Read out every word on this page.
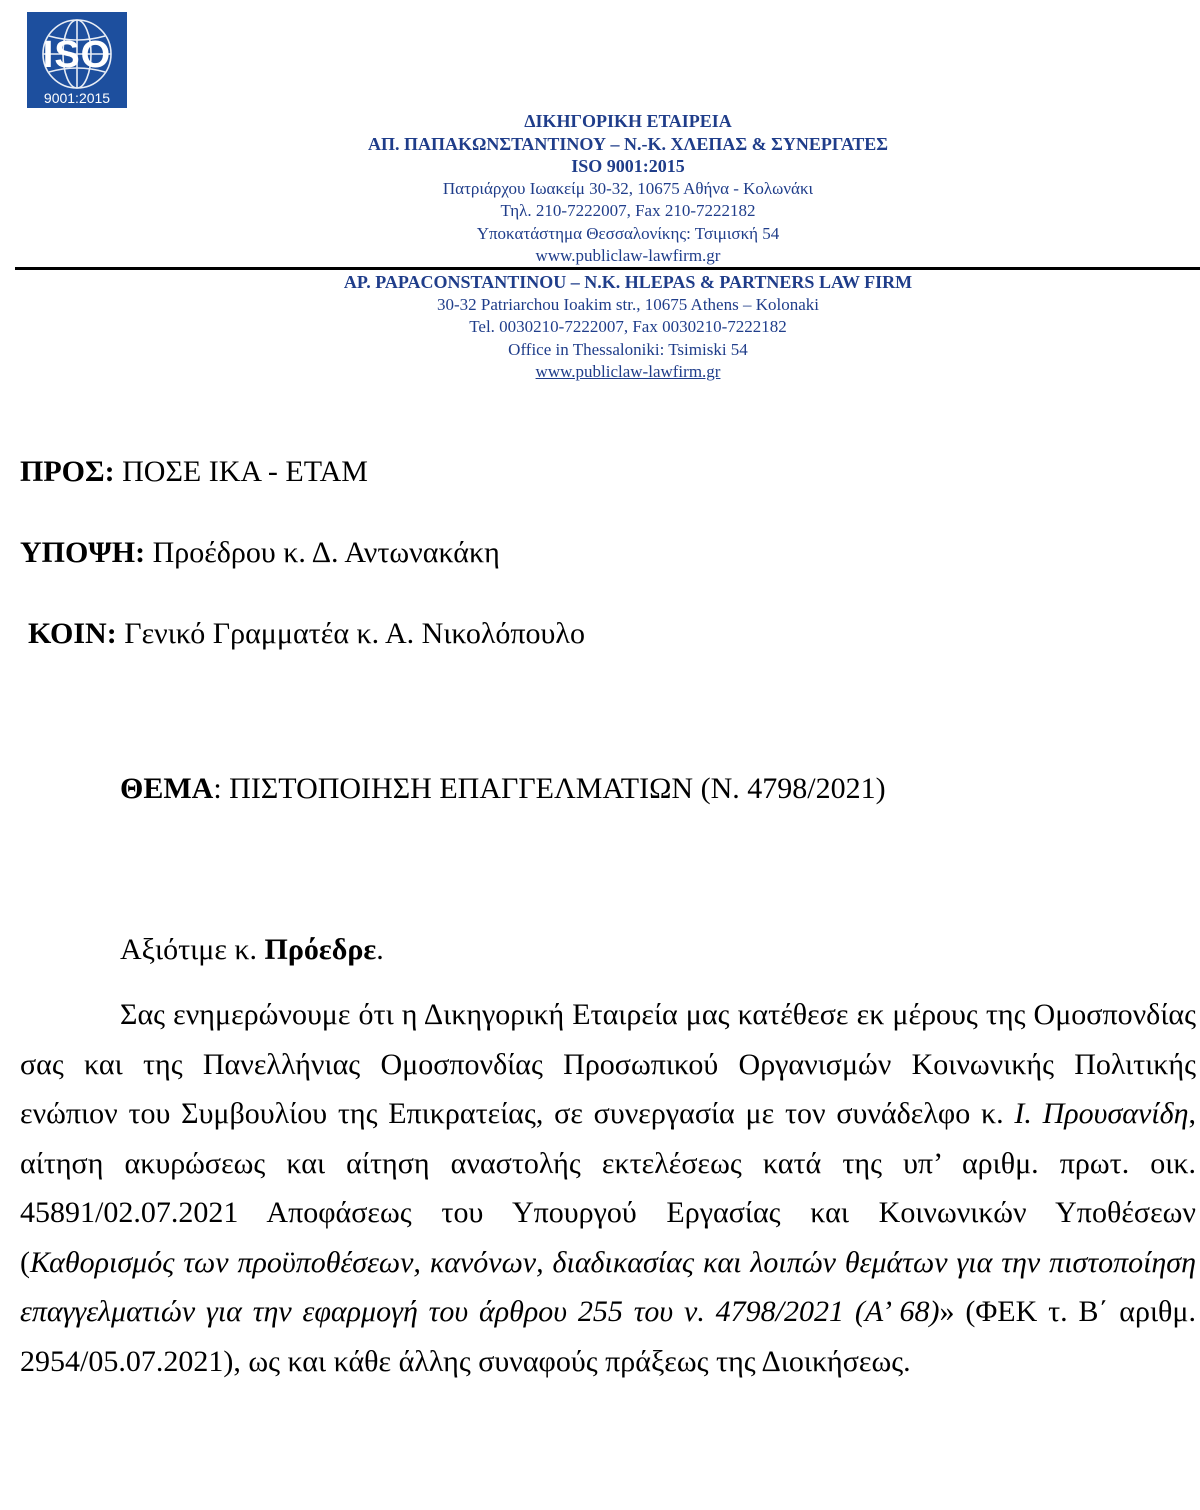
ISO
9001:2015
ΔΙΚΗΓΟΡΙΚΗ ΕΤΑΙΡΕΙΑ
ΑΠ. ΠΑΠΑΚΩΝΣΤΑΝΤΙΝΟΥ – Ν.-Κ. ΧΛΕΠΑΣ & ΣΥΝΕΡΓΑΤΕΣ
ISO 9001:2015
Πατριάρχου Ιωακείμ 30-32, 10675 Αθήνα - Κολωνάκι
Τηλ. 210-7222007, Fax 210-7222182
Υποκατάστημα Θεσσαλονίκης: Τσιμισκή 54
www.publiclaw-lawfirm.gr
AP. PAPACONSTANTINOU – N.K. HLEPAS & PARTNERS LAW FIRM
30-32 Patriarchou Ioakim str., 10675 Athens – Kolonaki
Tel. 0030210-7222007, Fax 0030210-7222182
Office in Thessaloniki: Tsimiski 54
www.publiclaw-lawfirm.gr
ΠΡΟΣ: ΠΟΣΕ ΙΚΑ - ΕΤΑΜ
ΥΠΟΨΗ: Προέδρου κ. Δ. Αντωνακάκη
ΚΟΙΝ: Γενικό Γραμματέα κ. Α. Νικολόπουλο
ΘΕΜΑ: ΠΙΣΤΟΠΟΙΗΣΗ ΕΠΑΓΓΕΛΜΑΤΙΩΝ (Ν. 4798/2021)
Αξιότιμε κ. Πρόεδρε.

Σας ενημερώνουμε ότι η Δικηγορική Εταιρεία μας κατέθεσε εκ μέρους της Ομοσπονδίας σας και της Πανελλήνιας Ομοσπονδίας Προσωπικού Οργανισμών Κοινωνικής Πολιτικής ενώπιον του Συμβουλίου της Επικρατείας, σε συνεργασία με τον συνάδελφο κ. Ι. Προυσανίδη, αίτηση ακυρώσεως και αίτηση αναστολής εκτελέσεως κατά της υπ’ αριθμ. πρωτ. οικ. 45891/02.07.2021 Αποφάσεως του Υπουργού Εργασίας και Κοινωνικών Υποθέσεων (Καθορισμός των προϋποθέσεων, κανόνων, διαδικασίας και λοιπών θεμάτων για την πιστοποίηση επαγγελματιών για την εφαρμογή του άρθρου 255 του ν. 4798/2021 (Α’ 68)» (ΦΕΚ τ. Β΄ αριθμ. 2954/05.07.2021), ως και κάθε άλλης συναφούς πράξεως της Διοικήσεως.
